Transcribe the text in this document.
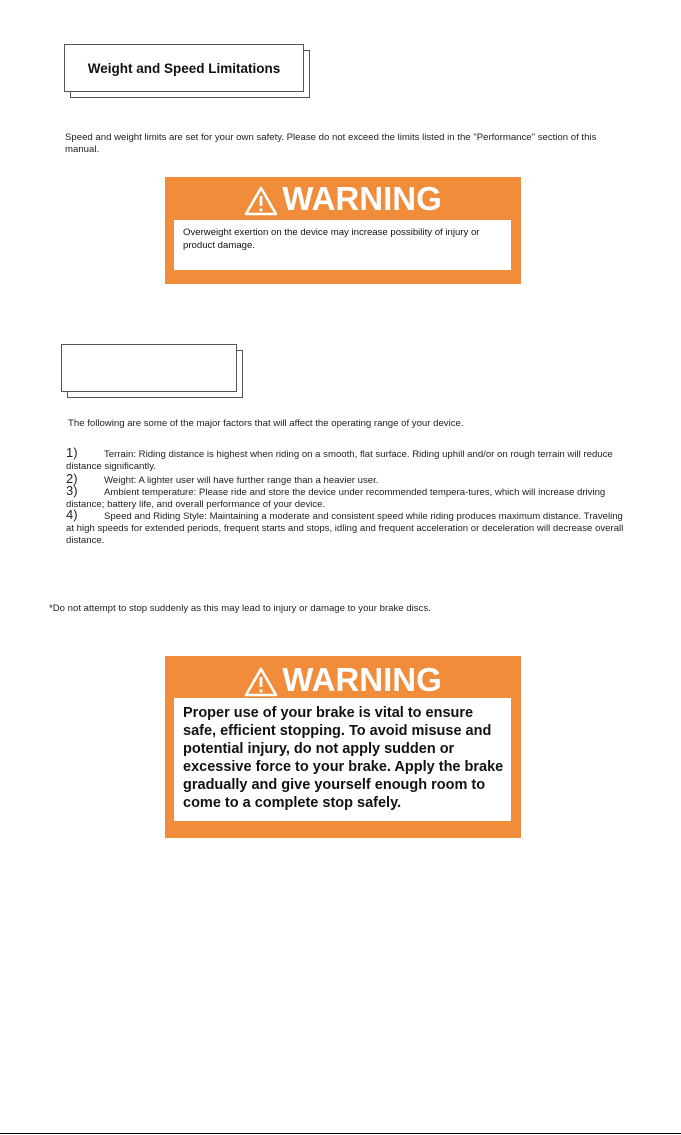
Weight and Speed Limitations
Speed and weight limits are set for your own safety. Please do not exceed the limits listed in the "Performance" section of this manual.
WARNING
Overweight exertion on the device may increase possibility of injury or product damage.
The following are some of the major factors that will affect the operating range of your device.
1)	Terrain: Riding distance is highest when riding on a smooth, flat surface. Riding uphill and/or on rough terrain will reduce distance significantly.
2)	Weight: A lighter user will have further range than a heavier user.
3)	Ambient temperature: Please ride and store the device under recommended tempera-tures, which will increase driving distance; battery life, and overall performance of your device.
4)	Speed and Riding Style: Maintaining a moderate and consistent speed while riding produces maximum distance. Traveling at high speeds for extended periods, frequent starts and stops, idling and frequent acceleration or deceleration will decrease overall distance.
*Do not attempt to stop suddenly as this may lead to injury or damage to your brake discs.
WARNING
Proper use of your brake is vital to ensure safe, efficient stopping. To avoid misuse and potential injury, do not apply sudden or excessive force to your brake. Apply the brake gradually and give yourself enough room to come to a complete stop safely.
